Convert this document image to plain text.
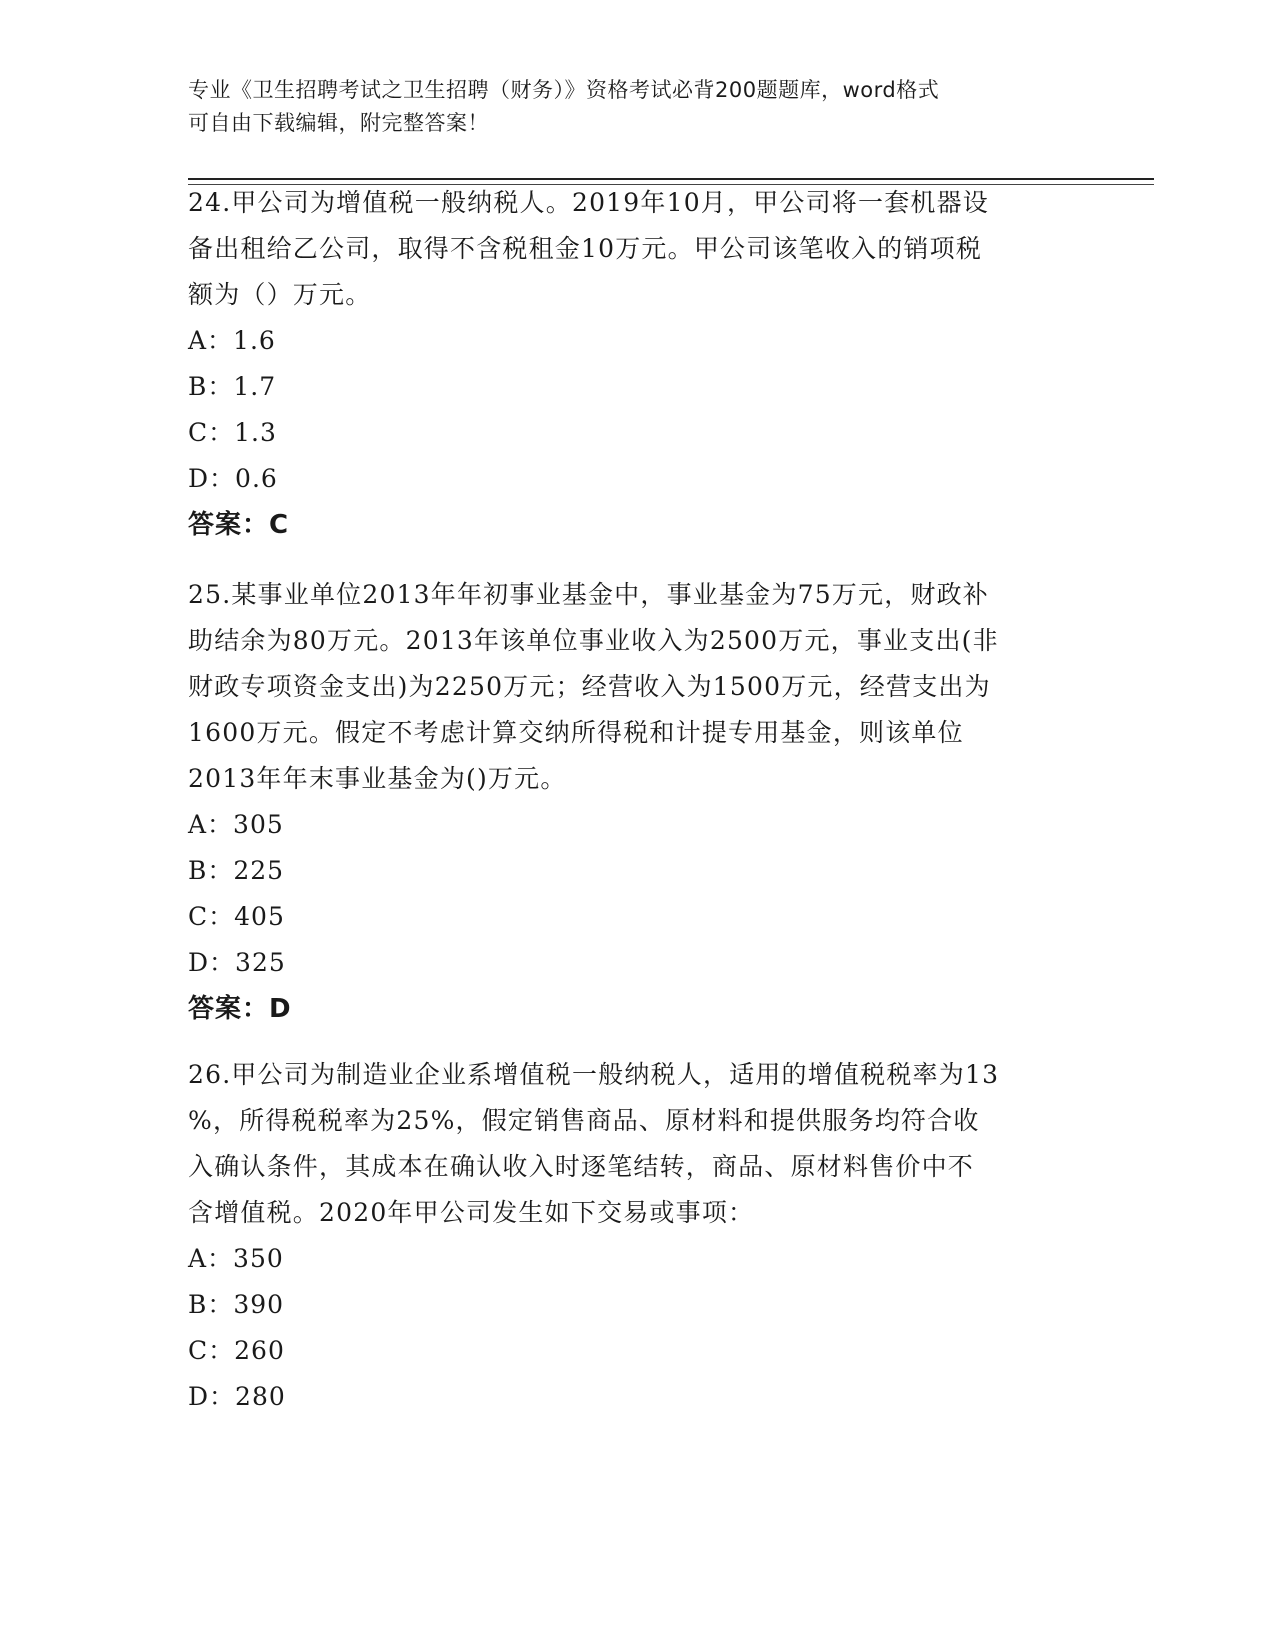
专业《卫生招聘考试之卫生招聘（财务）》资格考试必背200题题库，word格式
可自由下载编辑，附完整答案！
24.甲公司为增值税一般纳税人。2019年10月，甲公司将一套机器设
备出租给乙公司，取得不含税租金10万元。甲公司该笔收入的销项税
额为（）万元。
A：1.6
B：1.7
C：1.3
D：0.6
答案：C
25.某事业单位2013年年初事业基金中，事业基金为75万元，财政补
助结余为80万元。2013年该单位事业收入为2500万元，事业支出(非
财政专项资金支出)为2250万元；经营收入为1500万元，经营支出为
1600万元。假定不考虑计算交纳所得税和计提专用基金，则该单位
2013年年末事业基金为()万元。
A：305
B：225
C：405
D：325
答案：D
26.甲公司为制造业企业系增值税一般纳税人，适用的增值税税率为13
%，所得税税率为25%，假定销售商品、原材料和提供服务均符合收
入确认条件，其成本在确认收入时逐笔结转，商品、原材料售价中不
含增值税。2020年甲公司发生如下交易或事项：
A：350
B：390
C：260
D：280
